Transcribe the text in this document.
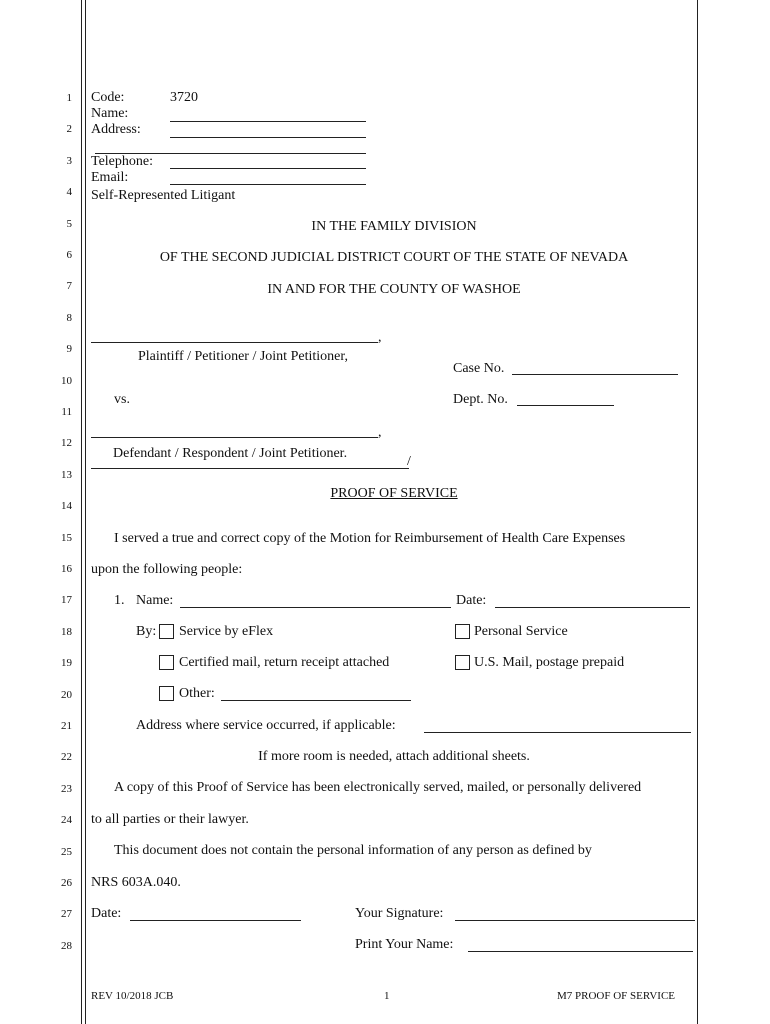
1
2
3
4
5
6
7
8
9
10
11
12
13
14
15
16
17
18
19
20
21
22
23
24
25
26
27
28
Code:	3720
Name:
Address:
Telephone:
Email:
Self-Represented Litigant
IN THE FAMILY DIVISION
OF THE SECOND JUDICIAL DISTRICT COURT OF THE STATE OF NEVADA
IN AND FOR THE COUNTY OF WASHOE
,
Plaintiff / Petitioner / Joint Petitioner,
vs.
,
Defendant / Respondent / Joint Petitioner.
/
Case No.
Dept. No.
PROOF OF SERVICE
I served a true and correct copy of the Motion for Reimbursement of Health Care Expenses
upon the following people:
1. Name:	Date:
By: Service by eFlex	Personal Service
Certified mail, return receipt attached	U.S. Mail, postage prepaid
Other:
Address where service occurred, if applicable:
If more room is needed, attach additional sheets.
A copy of this Proof of Service has been electronically served, mailed, or personally delivered
to all parties or their lawyer.
This document does not contain the personal information of any person as defined by
NRS 603A.040.
Date:	Your Signature:
Print Your Name:
REV 10/2018 JCB	1	M7 PROOF OF SERVICE
